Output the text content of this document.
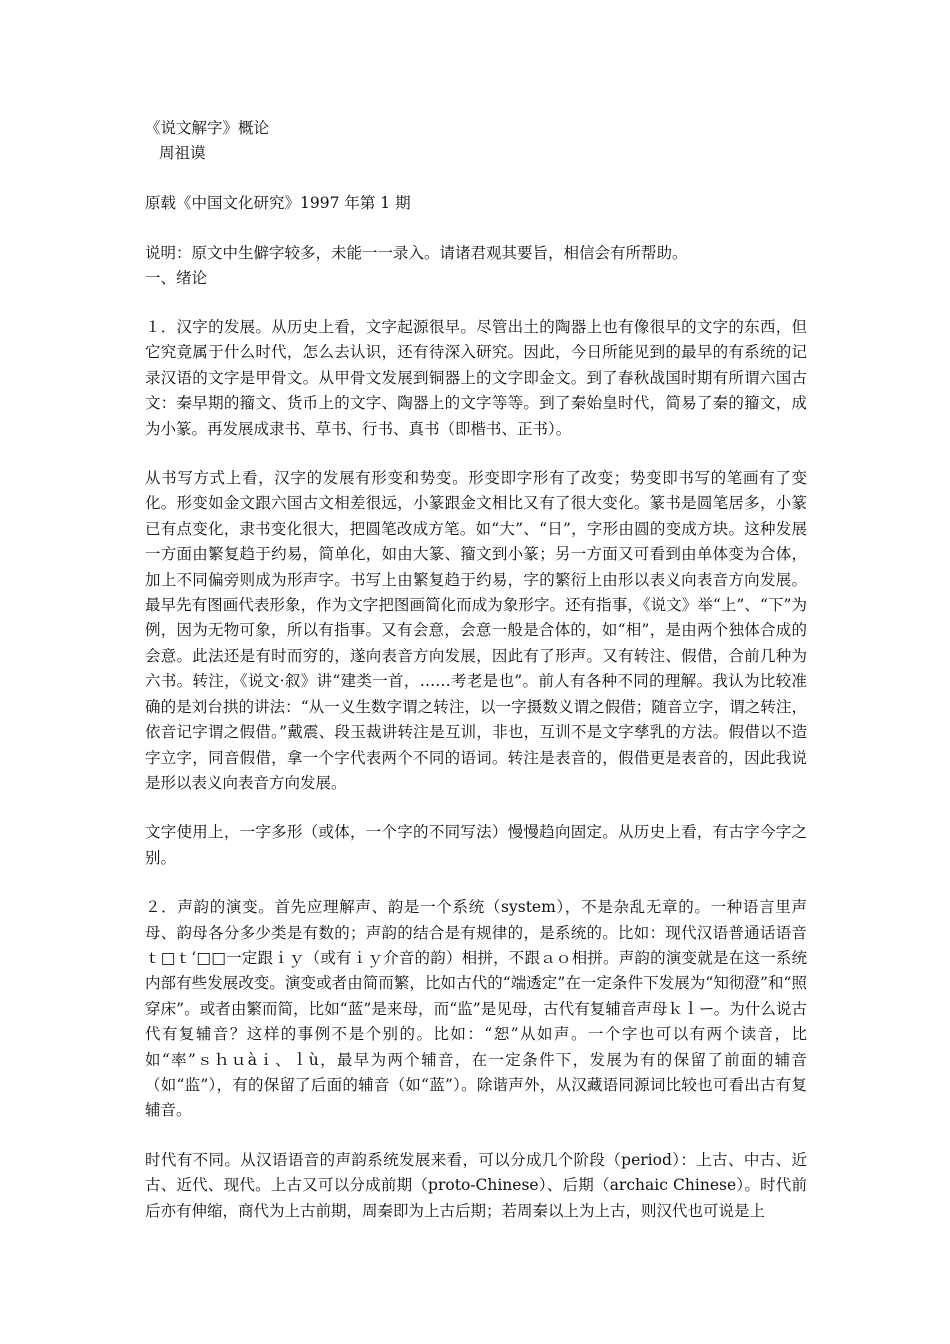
《说文解字》概论

周祖谟

原载《中国文化研究》1997 年第 1 期

说明：原文中生僻字较多，未能一一录入。请诸君观其要旨，相信会有所帮助。

一、绪论

１．汉字的发展。从历史上看，文字起源很早。尽管出土的陶器上也有像很早的文字的东西，但它究竟属于什么时代，怎么去认识，还有待深入研究。因此，今日所能见到的最早的有系统的记录汉语的文字是甲骨文。从甲骨文发展到铜器上的文字即金文。到了春秋战国时期有所谓六国古文：秦早期的籀文、货币上的文字、陶器上的文字等等。到了秦始皇时代，简易了秦的籀文，成为小篆。再发展成隶书、草书、行书、真书（即楷书、正书）。

从书写方式上看，汉字的发展有形变和势变。形变即字形有了改变；势变即书写的笔画有了变化。形变如金文跟六国古文相差很远，小篆跟金文相比又有了很大变化。篆书是圆笔居多，小篆已有点变化，隶书变化很大，把圆笔改成方笔。如“大”、“日”，字形由圆的变成方块。这种发展一方面由繁复趋于约易，简单化，如由大篆、籀文到小篆；另一方面又可看到由单体变为合体，加上不同偏旁则成为形声字。书写上由繁复趋于约易，字的繁衍上由形以表义向表音方向发展。最早先有图画代表形象，作为文字把图画简化而成为象形字。还有指事，《说文》举“上”、“下”为例，因为无物可象，所以有指事。又有会意，会意一般是合体的，如“相”，是由两个独体合成的会意。此法还是有时而穷的，遂向表音方向发展，因此有了形声。又有转注、假借，合前几种为六书。转注，《说文·叙》讲“建类一首，……考老是也”。前人有各种不同的理解。我认为比较准确的是刘台拱的讲法：“从一义生数字谓之转注，以一字摄数义谓之假借；随音立字，谓之转注，依音记字谓之假借。”戴震、段玉裁讲转注是互训，非也，互训不是文字孳乳的方法。假借以不造字立字，同音假借，拿一个字代表两个不同的语词。转注是表音的，假借更是表音的，因此我说是形以表义向表音方向发展。

文字使用上，一字多形（或体，一个字的不同写法）慢慢趋向固定。从历史上看，有古字今字之别。

２．声韵的演变。首先应理解声、韵是一个系统（system），不是杂乱无章的。一种语言里声母、韵母各分多少类是有数的；声韵的结合是有规律的，是系统的。比如：现代汉语普通话语音ｔ□ｔ‘□□一定跟ｉｙ（或有ｉｙ介音的韵）相拼，不跟ａｏ相拼。声韵的演变就是在这一系统内部有些发展改变。演变或者由简而繁，比如古代的“端透定”在一定条件下发展为“知彻澄”和“照穿床”。或者由繁而简，比如“蓝”是来母，而“监”是见母，古代有复辅音声母ｋｌー。为什么说古代有复辅音？这样的事例不是个别的。比如：“恕”从如声。一个字也可以有两个读音，比如“率”ｓｈｕàｉ、ｌù，最早为两个辅音，在一定条件下，发展为有的保留了前面的辅音（如“监”），有的保留了后面的辅音（如“蓝”）。除谐声外，从汉藏语同源词比较也可看出古有复辅音。

时代有不同。从汉语语音的声韵系统发展来看，可以分成几个阶段（period）：上古、中古、近古、近代、现代。上古又可以分成前期（proto-Chinese）、后期（archaic Chinese）。时代前后亦有伸缩，商代为上古前期，周秦即为上古后期；若周秦以上为上古，则汉代也可说是上
